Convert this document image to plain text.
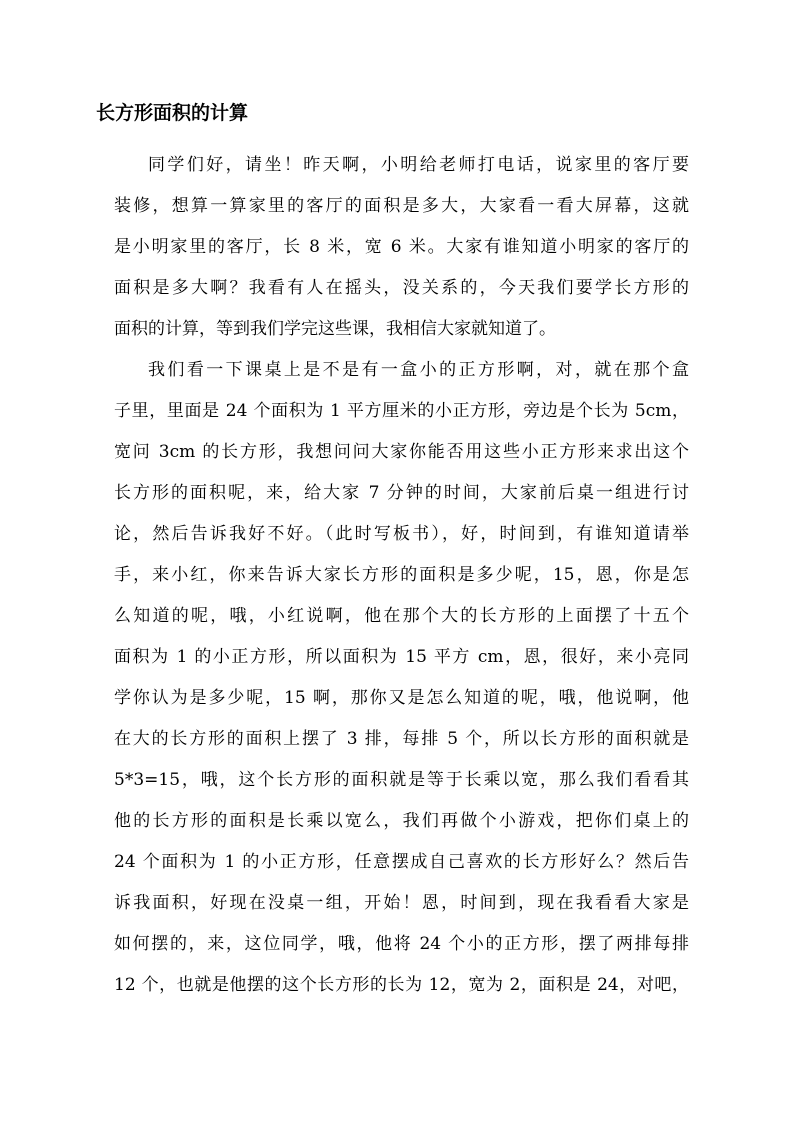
长方形面积的计算
同学们好，请坐！昨天啊，小明给老师打电话，说家里的客厅要
装修，想算一算家里的客厅的面积是多大，大家看一看大屏幕，这就
是小明家里的客厅，长 8 米，宽 6 米。大家有谁知道小明家的客厅的
面积是多大啊？我看有人在摇头，没关系的，今天我们要学长方形的
面积的计算，等到我们学完这些课，我相信大家就知道了。
我们看一下课桌上是不是有一盒小的正方形啊，对，就在那个盒
子里，里面是 24 个面积为 1 平方厘米的小正方形，旁边是个长为 5cm，
宽问 3cm 的长方形，我想问问大家你能否用这些小正方形来求出这个
长方形的面积呢，来，给大家 7 分钟的时间，大家前后桌一组进行讨
论，然后告诉我好不好。（此时写板书），好，时间到，有谁知道请举
手，来小红，你来告诉大家长方形的面积是多少呢，15，恩，你是怎
么知道的呢，哦，小红说啊，他在那个大的长方形的上面摆了十五个
面积为 1 的小正方形，所以面积为 15 平方 cm，恩，很好，来小亮同
学你认为是多少呢，15 啊，那你又是怎么知道的呢，哦，他说啊，他
在大的长方形的面积上摆了 3 排，每排 5 个，所以长方形的面积就是
5*3=15，哦，这个长方形的面积就是等于长乘以宽，那么我们看看其
他的长方形的面积是长乘以宽么，我们再做个小游戏，把你们桌上的
24 个面积为 1 的小正方形，任意摆成自己喜欢的长方形好么？然后告
诉我面积，好现在没桌一组，开始！恩，时间到，现在我看看大家是
如何摆的，来，这位同学，哦，他将 24 个小的正方形，摆了两排每排
12 个，也就是他摆的这个长方形的长为 12，宽为 2，面积是 24，对吧，
